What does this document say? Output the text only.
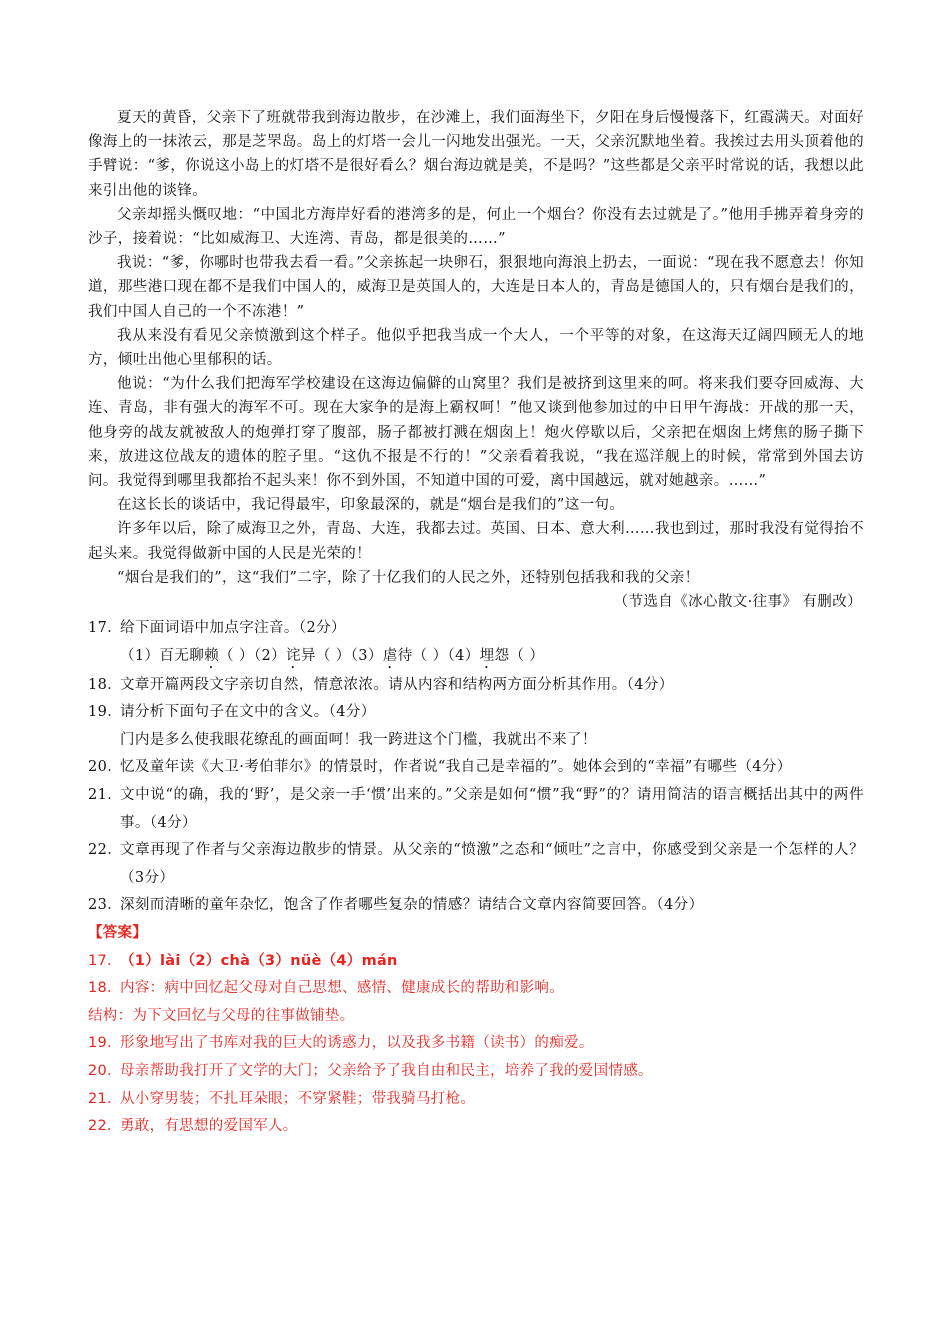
夏天的黄昏，父亲下了班就带我到海边散步，在沙滩上，我们面海坐下，夕阳在身后慢慢落下，红霞满天。对面好像海上的一抹浓云，那是芝罘岛。岛上的灯塔一会儿一闪地发出强光。一天，父亲沉默地坐着。我挨过去用头顶着他的手臂说：“爹，你说这小岛上的灯塔不是很好看么？烟台海边就是美，不是吗？”这些都是父亲平时常说的话，我想以此来引出他的谈锋。

父亲却摇头慨叹地：“中国北方海岸好看的港湾多的是，何止一个烟台？你没有去过就是了。”他用手拂弄着身旁的沙子，接着说：“比如威海卫、大连湾、青岛，都是很美的……”

我说：“爹，你哪时也带我去看一看。”父亲拣起一块卵石，狠狠地向海浪上扔去，一面说：“现在我不愿意去！你知道，那些港口现在都不是我们中国人的，威海卫是英国人的，大连是日本人的，青岛是德国人的，只有烟台是我们的，我们中国人自己的一个不冻港！”

我从来没有看见父亲愤激到这个样子。他似乎把我当成一个大人，一个平等的对象，在这海天辽阔四顾无人的地方，倾吐出他心里郁积的话。

他说：“为什么我们把海军学校建设在这海边偏僻的山窝里？我们是被挤到这里来的呵。将来我们要夺回威海、大连、青岛，非有强大的海军不可。现在大家争的是海上霸权呵！”他又谈到他参加过的中日甲午海战：开战的那一天，他身旁的战友就被敌人的炮弹打穿了腹部，肠子都被打溅在烟囱上！炮火停歇以后，父亲把在烟囱上烤焦的肠子撕下来，放进这位战友的遗体的腔子里。“这仇不报是不行的！”父亲看着我说，“我在巡洋舰上的时候，常常到外国去访问。我觉得到哪里我都抬不起头来！你不到外国，不知道中国的可爱，离中国越远，就对她越亲。……”

在这长长的谈话中，我记得最牢，印象最深的，就是“烟台是我们的”这一句。

许多年以后，除了威海卫之外，青岛、大连，我都去过。英国、日本、意大利……我也到过，那时我没有觉得抬不起头来。我觉得做新中国的人民是光荣的！

“烟台是我们的”，这“我们”二字，除了十亿我们的人民之外，还特别包括我和我的父亲！

（节选自《冰心散文·往事》 有删改）

17．
给下面词语中加点字注音。（2分）

（1）百无聊赖（ ）（2）诧异（ ）（3）虐待（ ）（4）埋怨（ ）

18．
文章开篇两段文字亲切自然，情意浓浓。请从内容和结构两方面分析其作用。（4分）

19．
请分析下面句子在文中的含义。（4分）

门内是多么使我眼花缭乱的画面呵！我一跨进这个门槛，我就出不来了！

20．
忆及童年读《大卫·考伯菲尔》的情景时，作者说“我自己是幸福的”。她体会到的“幸福”有哪些（4分）

21．
文中说“的确，我的‘野’，是父亲一手‘惯’出来的。”父亲是如何“惯”我“野”的？请用简洁的语言概括出其中的两件事。（4分）

22．
文章再现了作者与父亲海边散步的情景。从父亲的“愤激”之态和“倾吐”之言中，你感受到父亲是一个怎样的人？（3分）

23．
深刻而清晰的童年杂忆，饱含了作者哪些复杂的情感？请结合文章内容简要回答。（4分）

【答案】

17．（1）lài（2）chà（3）nüè（4）mán

18．内容：病中回忆起父母对自己思想、感情、健康成长的帮助和影响。

结构：为下文回忆与父母的往事做铺垫。

19．形象地写出了书库对我的巨大的诱惑力，以及我多书籍（读书）的痴爱。

20．母亲帮助我打开了文学的大门；父亲给予了我自由和民主，培养了我的爱国情感。

21．从小穿男装；不扎耳朵眼；不穿紧鞋；带我骑马打枪。

22．勇敢，有思想的爱国军人。
